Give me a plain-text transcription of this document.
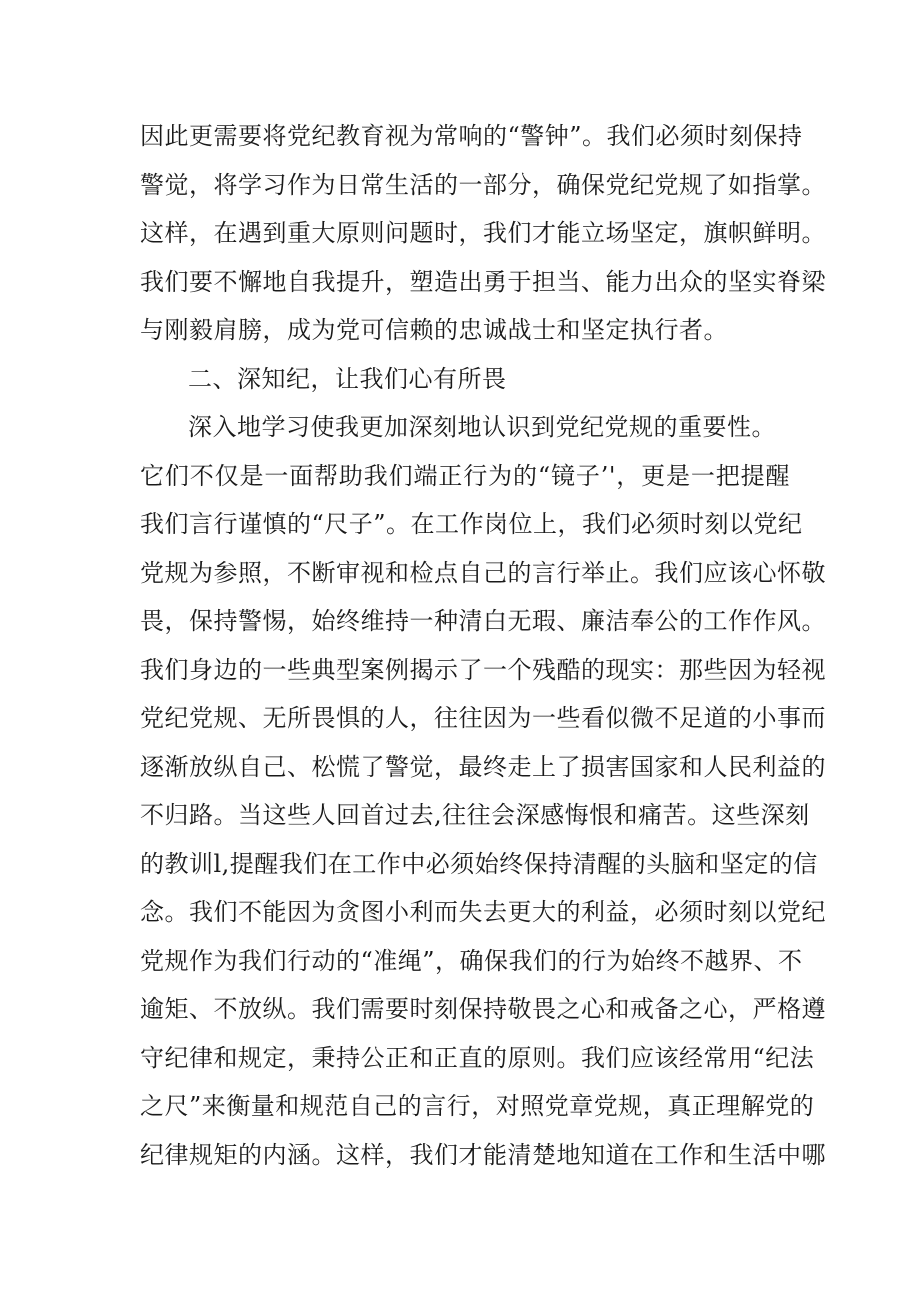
因此更需要将党纪教育视为常响的“警钟”。我们必须时刻保持
警觉，将学习作为日常生活的一部分，确保党纪党规了如指掌。
这样，在遇到重大原则问题时，我们才能立场坚定，旗帜鲜明。
我们要不懈地自我提升，塑造出勇于担当、能力出众的坚实脊梁
与刚毅肩膀，成为党可信赖的忠诚战士和坚定执行者。
二、深知纪，让我们心有所畏
深入地学习使我更加深刻地认识到党纪党规的重要性。
它们不仅是一面帮助我们端正行为的“镜子’'，更是一把提醒
我们言行谨慎的“尺子”。在工作岗位上，我们必须时刻以党纪
党规为参照，不断审视和检点自己的言行举止。我们应该心怀敬
畏，保持警惕，始终维持一种清白无瑕、廉洁奉公的工作作风。
我们身边的一些典型案例揭示了一个残酷的现实：那些因为轻视
党纪党规、无所畏惧的人，往往因为一些看似微不足道的小事而
逐渐放纵自己、松慌了警觉，最终走上了损害国家和人民利益的
不归路。当这些人回首过去,往往会深感悔恨和痛苦。这些深刻
的教训l,提醒我们在工作中必须始终保持清醒的头脑和坚定的信
念。我们不能因为贪图小利而失去更大的利益，必须时刻以党纪
党规作为我们行动的“准绳”，确保我们的行为始终不越界、不
逾矩、不放纵。我们需要时刻保持敬畏之心和戒备之心，严格遵
守纪律和规定，秉持公正和正直的原则。我们应该经常用“纪法
之尺”来衡量和规范自己的言行，对照党章党规，真正理解党的
纪律规矩的内涵。这样，我们才能清楚地知道在工作和生活中哪
